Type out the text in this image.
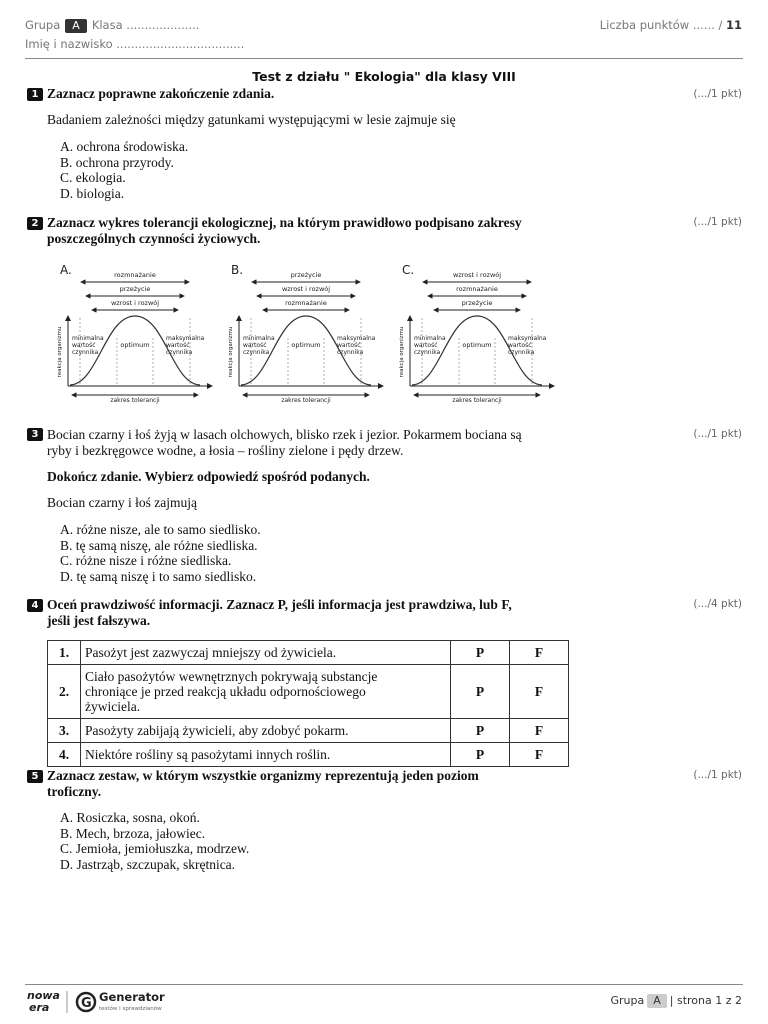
Grupa A Klasa ....................
Imię i nazwisko ...................................
Liczba punktów ...... / 11
Test z działu " Ekologia" dla klasy VIII
1 Zaznacz poprawne zakończenie zdania.	(.../1 pkt)
Badaniem zależności między gatunkami występującymi w lesie zajmuje się
A. ochrona środowiska.
B. ochrona przyrody.
C. ekologia.
D. biologia.
2 Zaznacz wykres tolerancji ekologicznej, na którym prawidłowo podpisano zakresy
poszczególnych czynności życiowych.
(.../1 pkt)
A.	rozmnażanie
przeżycie
wzrost i rozwój
reakcja organizmu minimalna
wartość
czynnika
maksymalna
wartość
czynnika
optimum
zakres tolerancji
B.	przeżycie
wzrost i rozwój
rozmnażanie
reakcja organizmu minimalna
wartość
czynnika
maksymalna
wartość
czynnika
optimum
zakres tolerancji
C.	wzrost i rozwój
rozmnażanie
przeżycie
reakcja organizmu minimalna
wartość
czynnika
maksymalna
wartość
czynnika
optimum
zakres tolerancji
3 Bocian czarny i łoś żyją w lasach olchowych, blisko rzek i jezior. Pokarmem bociana są
ryby i bezkręgowce wodne, a łosia – rośliny zielone i pędy drzew.
(.../1 pkt)
Dokończ zdanie. Wybierz odpowiedź spośród podanych.
Bocian czarny i łoś zajmują
A. różne nisze, ale to samo siedlisko.
B. tę samą niszę, ale różne siedliska.
C. różne nisze i różne siedliska.
D. tę samą niszę i to samo siedlisko.
4 Oceń prawdziwość informacji. Zaznacz P, jeśli informacja jest prawdziwa, lub F,
jeśli jest fałszywa.
(.../4 pkt)
1.	Pasożyt jest zazwyczaj mniejszy od żywiciela.	P	F
2.	Ciało pasożytów wewnętrznych pokrywają substancje
chroniące je przed reakcją układu odpornościowego
żywiciela.	P	F
3.	Pasożyty zabijają żywicieli, aby zdobyć pokarm.	P	F
4.	Niektóre rośliny są pasożytami innych roślin.	P	F
5 Zaznacz zestaw, w którym wszystkie organizmy reprezentują jeden poziom
troficzny.
(.../1 pkt)
A. Rosiczka, sosna, okoń.
B. Mech, brzoza, jałowiec.
C. Jemioła, jemiołuszka, modrzew.
D. Jastrząb, szczupak, skrętnica.
nowa
era G Generator
testów i sprawdzianów
Grupa A | strona 1 z 2
